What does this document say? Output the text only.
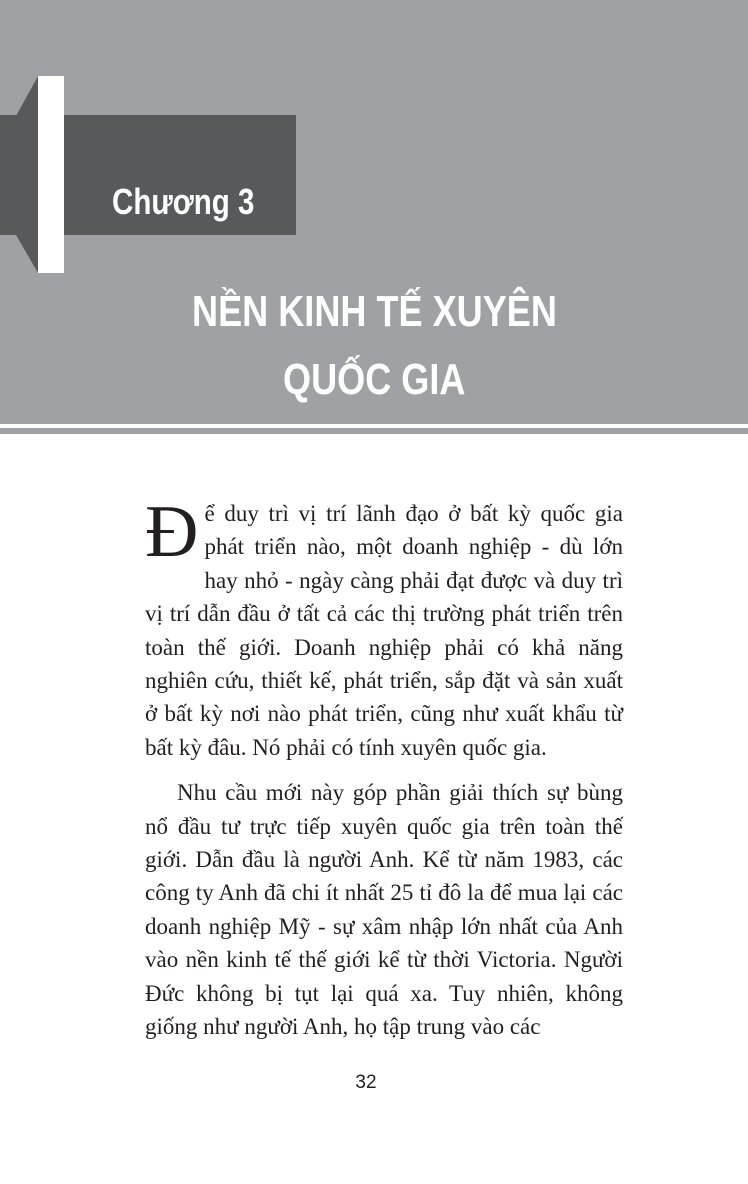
Chương 3
NỀN KINH TẾ XUYÊN
QUỐC GIA

Để duy trì vị trí lãnh đạo ở bất kỳ quốc gia phát triển nào, một doanh nghiệp - dù lớn hay nhỏ - ngày càng phải đạt được và duy trì vị trí dẫn đầu ở tất cả các thị trường phát triển trên toàn thế giới. Doanh nghiệp phải có khả năng nghiên cứu, thiết kế, phát triển, sắp đặt và sản xuất ở bất kỳ nơi nào phát triển, cũng như xuất khẩu từ bất kỳ đâu. Nó phải có tính xuyên quốc gia.

Nhu cầu mới này góp phần giải thích sự bùng nổ đầu tư trực tiếp xuyên quốc gia trên toàn thế giới. Dẫn đầu là người Anh. Kể từ năm 1983, các công ty Anh đã chi ít nhất 25 tỉ đô la để mua lại các doanh nghiệp Mỹ - sự xâm nhập lớn nhất của Anh vào nền kinh tế thế giới kể từ thời Victoria. Người Đức không bị tụt lại quá xa. Tuy nhiên, không giống như người Anh, họ tập trung vào các

32
